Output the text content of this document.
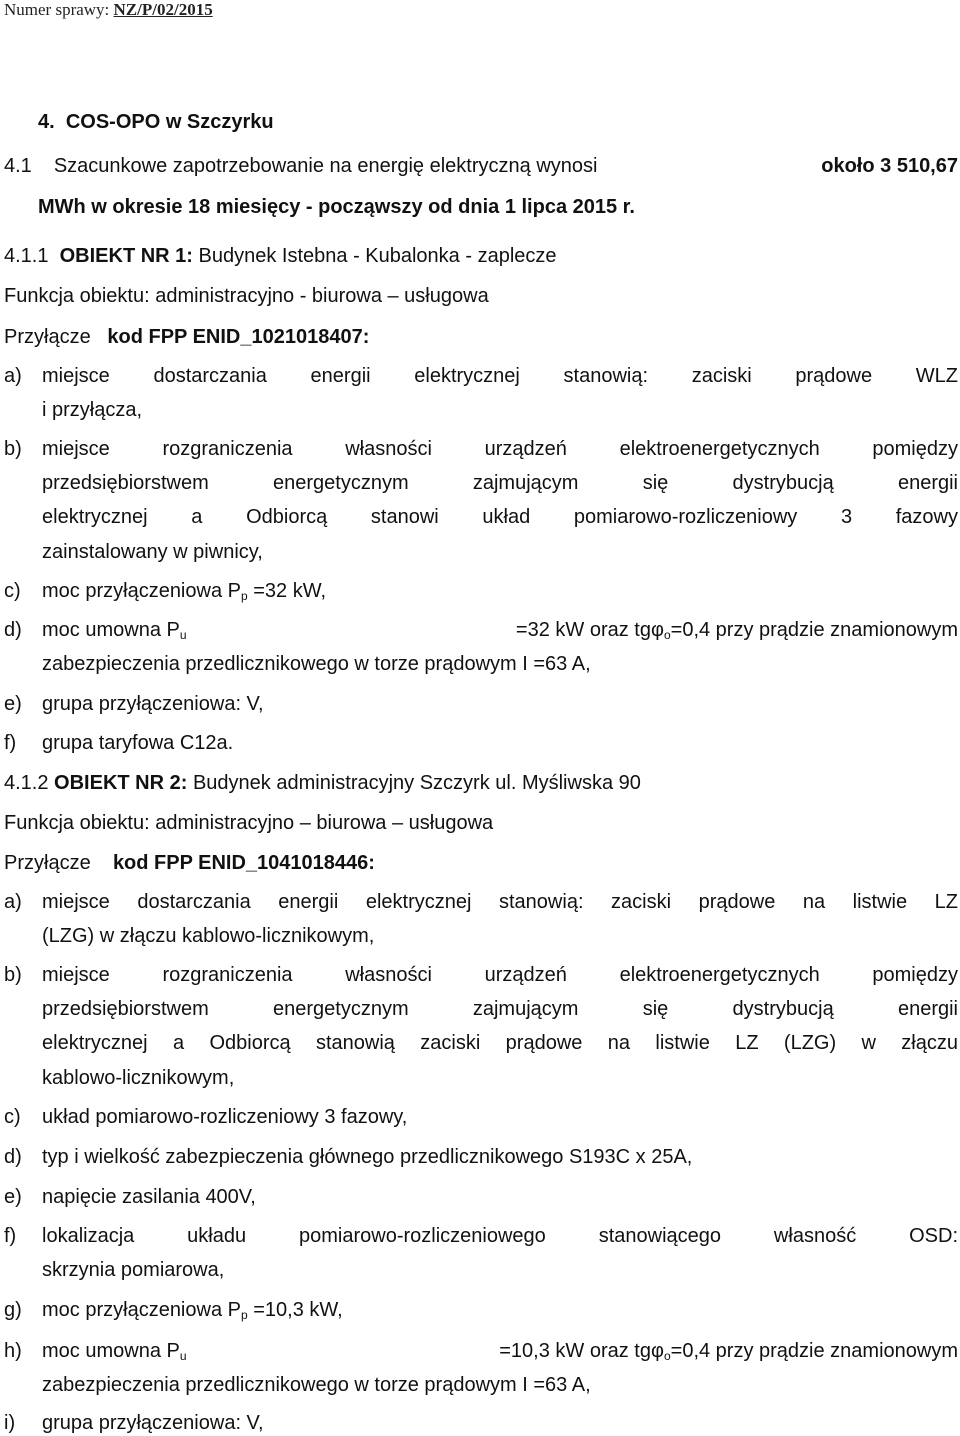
Numer sprawy: NZ/P/02/2015
4. COS-OPO w Szczyrku
4.1 Szacunkowe zapotrzebowanie na energię elektryczną wynosi	około 3 510,67
MWh w okresie 18 miesięcy - począwszy od dnia 1 lipca 2015 r.
4.1.1 OBIEKT NR 1: Budynek Istebna - Kubalonka - zaplecze
Funkcja obiektu: administracyjno - biurowa – usługowa
Przyłącze kod FPP ENID_1021018407:
a)	miejsce dostarczania energii elektrycznej stanowią: zaciski prądowe WLZ
i przyłącza,
b)	miejsce rozgraniczenia własności urządzeń elektroenergetycznych pomiędzy
przedsiębiorstwem energetycznym zajmującym się dystrybucją energii
elektrycznej a Odbiorcą stanowi układ pomiarowo-rozliczeniowy 3 fazowy
zainstalowany w piwnicy,
c)	moc przyłączeniowa $P_p =32$ kW,
d)	moc umowna $P_u$	=32 kW oraz tgφ$_o$=0,4 przy prądzie znamionowym
zabezpieczenia przedlicznikowego w torze prądowym I =63 A,
e)	grupa przyłączeniowa: V,
f)	grupa taryfowa C12a.
4.1.2 OBIEKT NR 2: Budynek administracyjny Szczyrk ul. Myśliwska 90
Funkcja obiektu: administracyjno – biurowa – usługowa
Przyłącze kod FPP ENID_1041018446:
a)	miejsce dostarczania energii elektrycznej stanowią: zaciski prądowe na listwie LZ
(LZG) w złączu kablowo-licznikowym,
b)	miejsce rozgraniczenia własności urządzeń elektroenergetycznych pomiędzy
przedsiębiorstwem energetycznym zajmującym się dystrybucją energii
elektrycznej a Odbiorcą stanowią zaciski prądowe na listwie LZ (LZG) w złączu
kablowo-licznikowym,
c)	układ pomiarowo-rozliczeniowy 3 fazowy,
d)	typ i wielkość zabezpieczenia głównego przedlicznikowego S193C x 25A,
e)	napięcie zasilania 400V,
f)	lokalizacja układu pomiarowo-rozliczeniowego stanowiącego własność OSD:
skrzynia pomiarowa,
g)	moc przyłączeniowa $P_p =10,3$ kW,
h)	moc umowna $P_u$	=10,3 kW oraz tgφ$_o$=0,4 przy prądzie znamionowym
zabezpieczenia przedlicznikowego w torze prądowym I =63 A,
i)	grupa przyłączeniowa: V,
